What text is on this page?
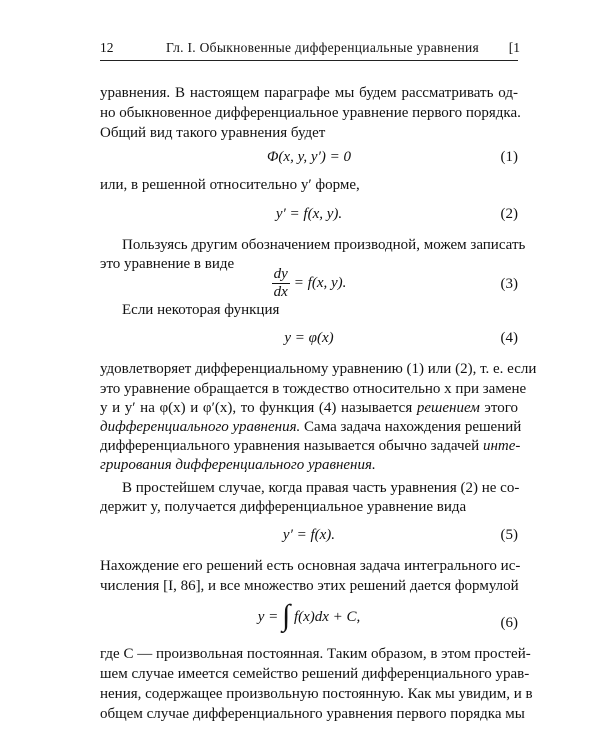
12	Гл. I. Обыкновенные дифференциальные уравнения [1
уравнения. В настоящем параграфе мы будем рассматривать од-
но обыкновенное дифференциальное уравнение первого порядка.
Общий вид такого уравнения будет
Φ(x, y, y′) = 0	(1)
или, в решенной относительно y′ форме,
y′ = f(x, y).	(2)
Пользуясь другим обозначением производной, можем записать
это уравнение в виде
$\frac{dy}{dx} = f(x$, y).	(3)
Если некоторая функция
y = φ(x)	(4)
удовлетворяет дифференциальному уравнению (1) или (2), т. е. если
это уравнение обращается в тождество относительно x при замене
y и y′ на φ(x) и φ′(x), то функция (4) называется решением этого
дифференциального уравнения. Сама задача нахождения решений
дифференциального уравнения называется обычно задачей инте-
грирования дифференциального уравнения.
В простейшем случае, когда правая часть уравнения (2) не со-
держит y, получается дифференциальное уравнение вида
y′ = f(x).	(5)
Нахождение его решений есть основная задача интегрального ис-
числения [I, 86], и все множество этих решений дается формулой
y = ∫ f(x)dx + C,	(6)
где C — произвольная постоянная. Таким образом, в этом простей-
шем случае имеется семейство решений дифференциального урав-
нения, содержащее произвольную постоянную. Как мы увидим, и в
общем случае дифференциального уравнения первого порядка мы
